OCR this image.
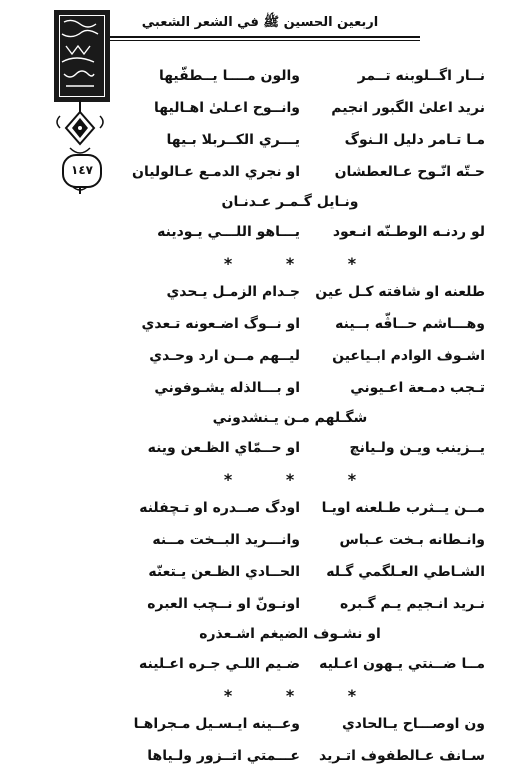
اربعين الحسين ﷺ في الشعر الشعبي
١٤٧
نــار اگــلوبنه تــمر
والون مــــا يــطفّيها
نريد اعلىٰ الگبور انجيم
وانــوح اعـلىٰ اهـاليها
مـا تـامر دليل الـنوگ
يـــري الكــربلا بـيها
حـتّه انّـوح عـالعطشان
او نجري الدمـع عـالوليان
ونـايل گـمـر عـدنـان
لو ردنـه الوطـنّه انـعود
يـــاهو اللـــي يـودينه
* * *
طلعنه او شافته كـل عين
جـدام الزمـل يـحدي
وهـــاشم حــاڤّه بــينه
او نــوگ اضـعونه تـعدي
اشـوف الوادم ابـياعين
ليــهم مــن ارد وحـدي
تـجب دمـعة اعـيوني
او بـــالذله يشـوفوني
شگـلهم مـن يـنشدوني
يــزينب ويـن ولـيانچ
او حــمّاي الظـعن وينه
* * *
مــن يــثرب طـلعنه اويـا
اودگ صــدره او تـچفلنه
وانـطانه بـخت عـباس
وانـــريد البــخت مــنه
الشـاطي العـلگمي گـله
الحــادي الظـعن يـتعنّه
نـريد انـجيم يـم گـبره
اونـونّ او نــچب العبره
او نشـوف الضيغم اشـعذره
مــا ضــنتي يـهون اعـليه
ضـيم اللـي جـره اعـلينه
* * *
ون اوصـــاح يـالحادي
وعــينه ايـسـيل مـجراهـا
سـانف عـالطفوف اتـريد
عـــمتي اتــزور ولـياها
